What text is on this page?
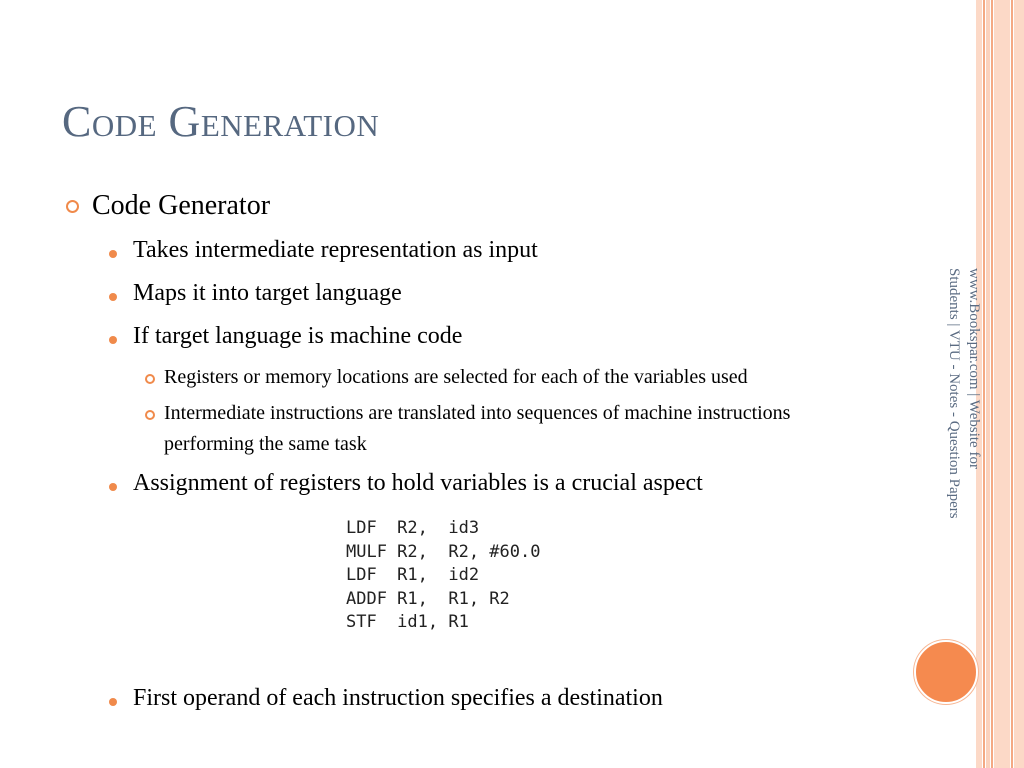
Code Generation
Code Generator
Takes intermediate representation as input
Maps it into target language
If target language is machine code
Registers or memory locations are selected for each of the variables used
Intermediate instructions are translated into sequences of machine instructions performing the same task
Assignment of registers to hold variables is a crucial aspect
LDF  R2,  id3
MULF R2,  R2, #60.0
LDF  R1,  id2
ADDF R1,  R1, R2
STF  id1, R1
First operand of each instruction specifies a destination
www.Bookspar.com | Website for
Students | VTU - Notes - Question Papers
